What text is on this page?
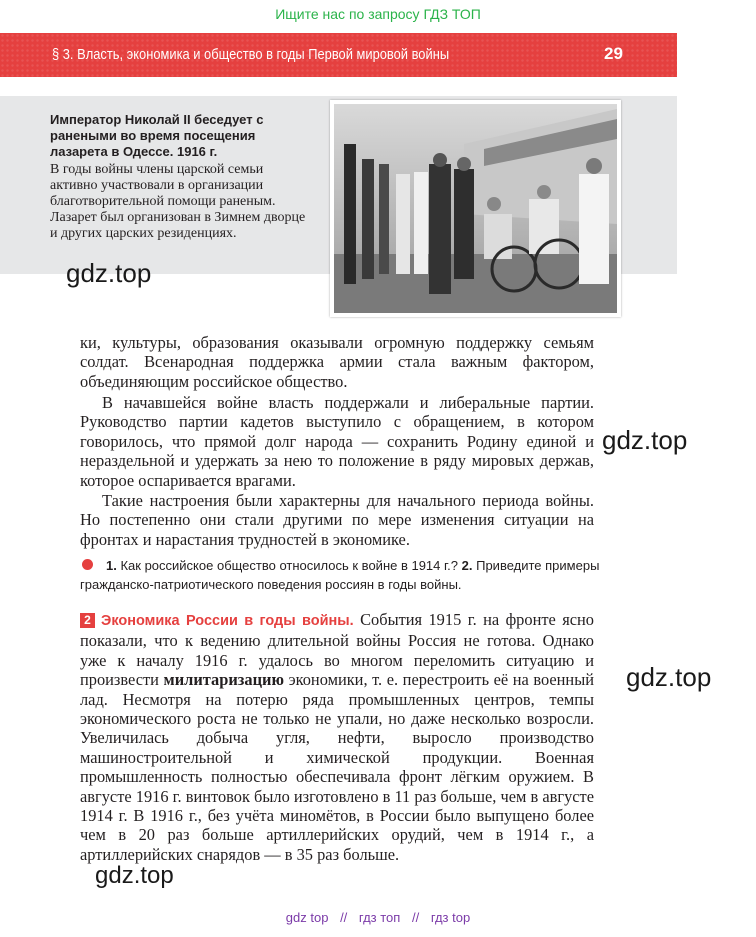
Ищите нас по запросу ГДЗ ТОП
§ 3. Власть, экономика и общество в годы Первой мировой войны	29
Император Николай II беседует с ранеными во время посещения лазарета в Одессе. 1916 г.
В годы войны члены царской семьи активно участвовали в организации благотворительной помощи раненым. Лазарет был организован в Зимнем дворце и других царских резиденциях.
gdz.top
gdz.top
gdz.top
gdz.top

ки, культуры, образования оказывали огромную поддержку семьям солдат. Всенародная поддержка армии стала важным фактором, объединяющим российское общество.

В начавшейся войне власть поддержали и либеральные партии. Руководство партии кадетов выступило с обращением, в котором говорилось, что прямой долг народа — сохранить Родину единой и нераздельной и удержать за нею то положение в ряду мировых держав, которое оспаривается врагами.

Такие настроения были характерны для начального периода войны. Но постепенно они стали другими по мере изменения ситуации на фронтах и нарастания трудностей в экономике.

1. Как российское общество относилось к войне в 1914 г.? 2. Приведите примеры гражданско-патриотического поведения россиян в годы войны.

2 Экономика России в годы войны. События 1915 г. на фронте ясно показали, что к ведению длительной войны Россия не готова. Однако уже к началу 1916 г. удалось во многом переломить ситуацию и произвести милитаризацию экономики, т. е. перестроить её на военный лад. Несмотря на потерю ряда промышленных центров, темпы экономического роста не только не упали, но даже несколько возросли. Увеличилась добыча угля, нефти, выросло производство машиностроительной и химической продукции. Военная промышленность полностью обеспечивала фронт лёгким оружием. В августе 1916 г. винтовок было изготовлено в 11 раз больше, чем в августе 1914 г. В 1916 г., без учёта миномётов, в России было выпущено более чем в 20 раз больше артиллерийских орудий, чем в 1914 г., а артиллерийских снарядов — в 35 раз больше.

gdz top // гдз топ // гдз top
